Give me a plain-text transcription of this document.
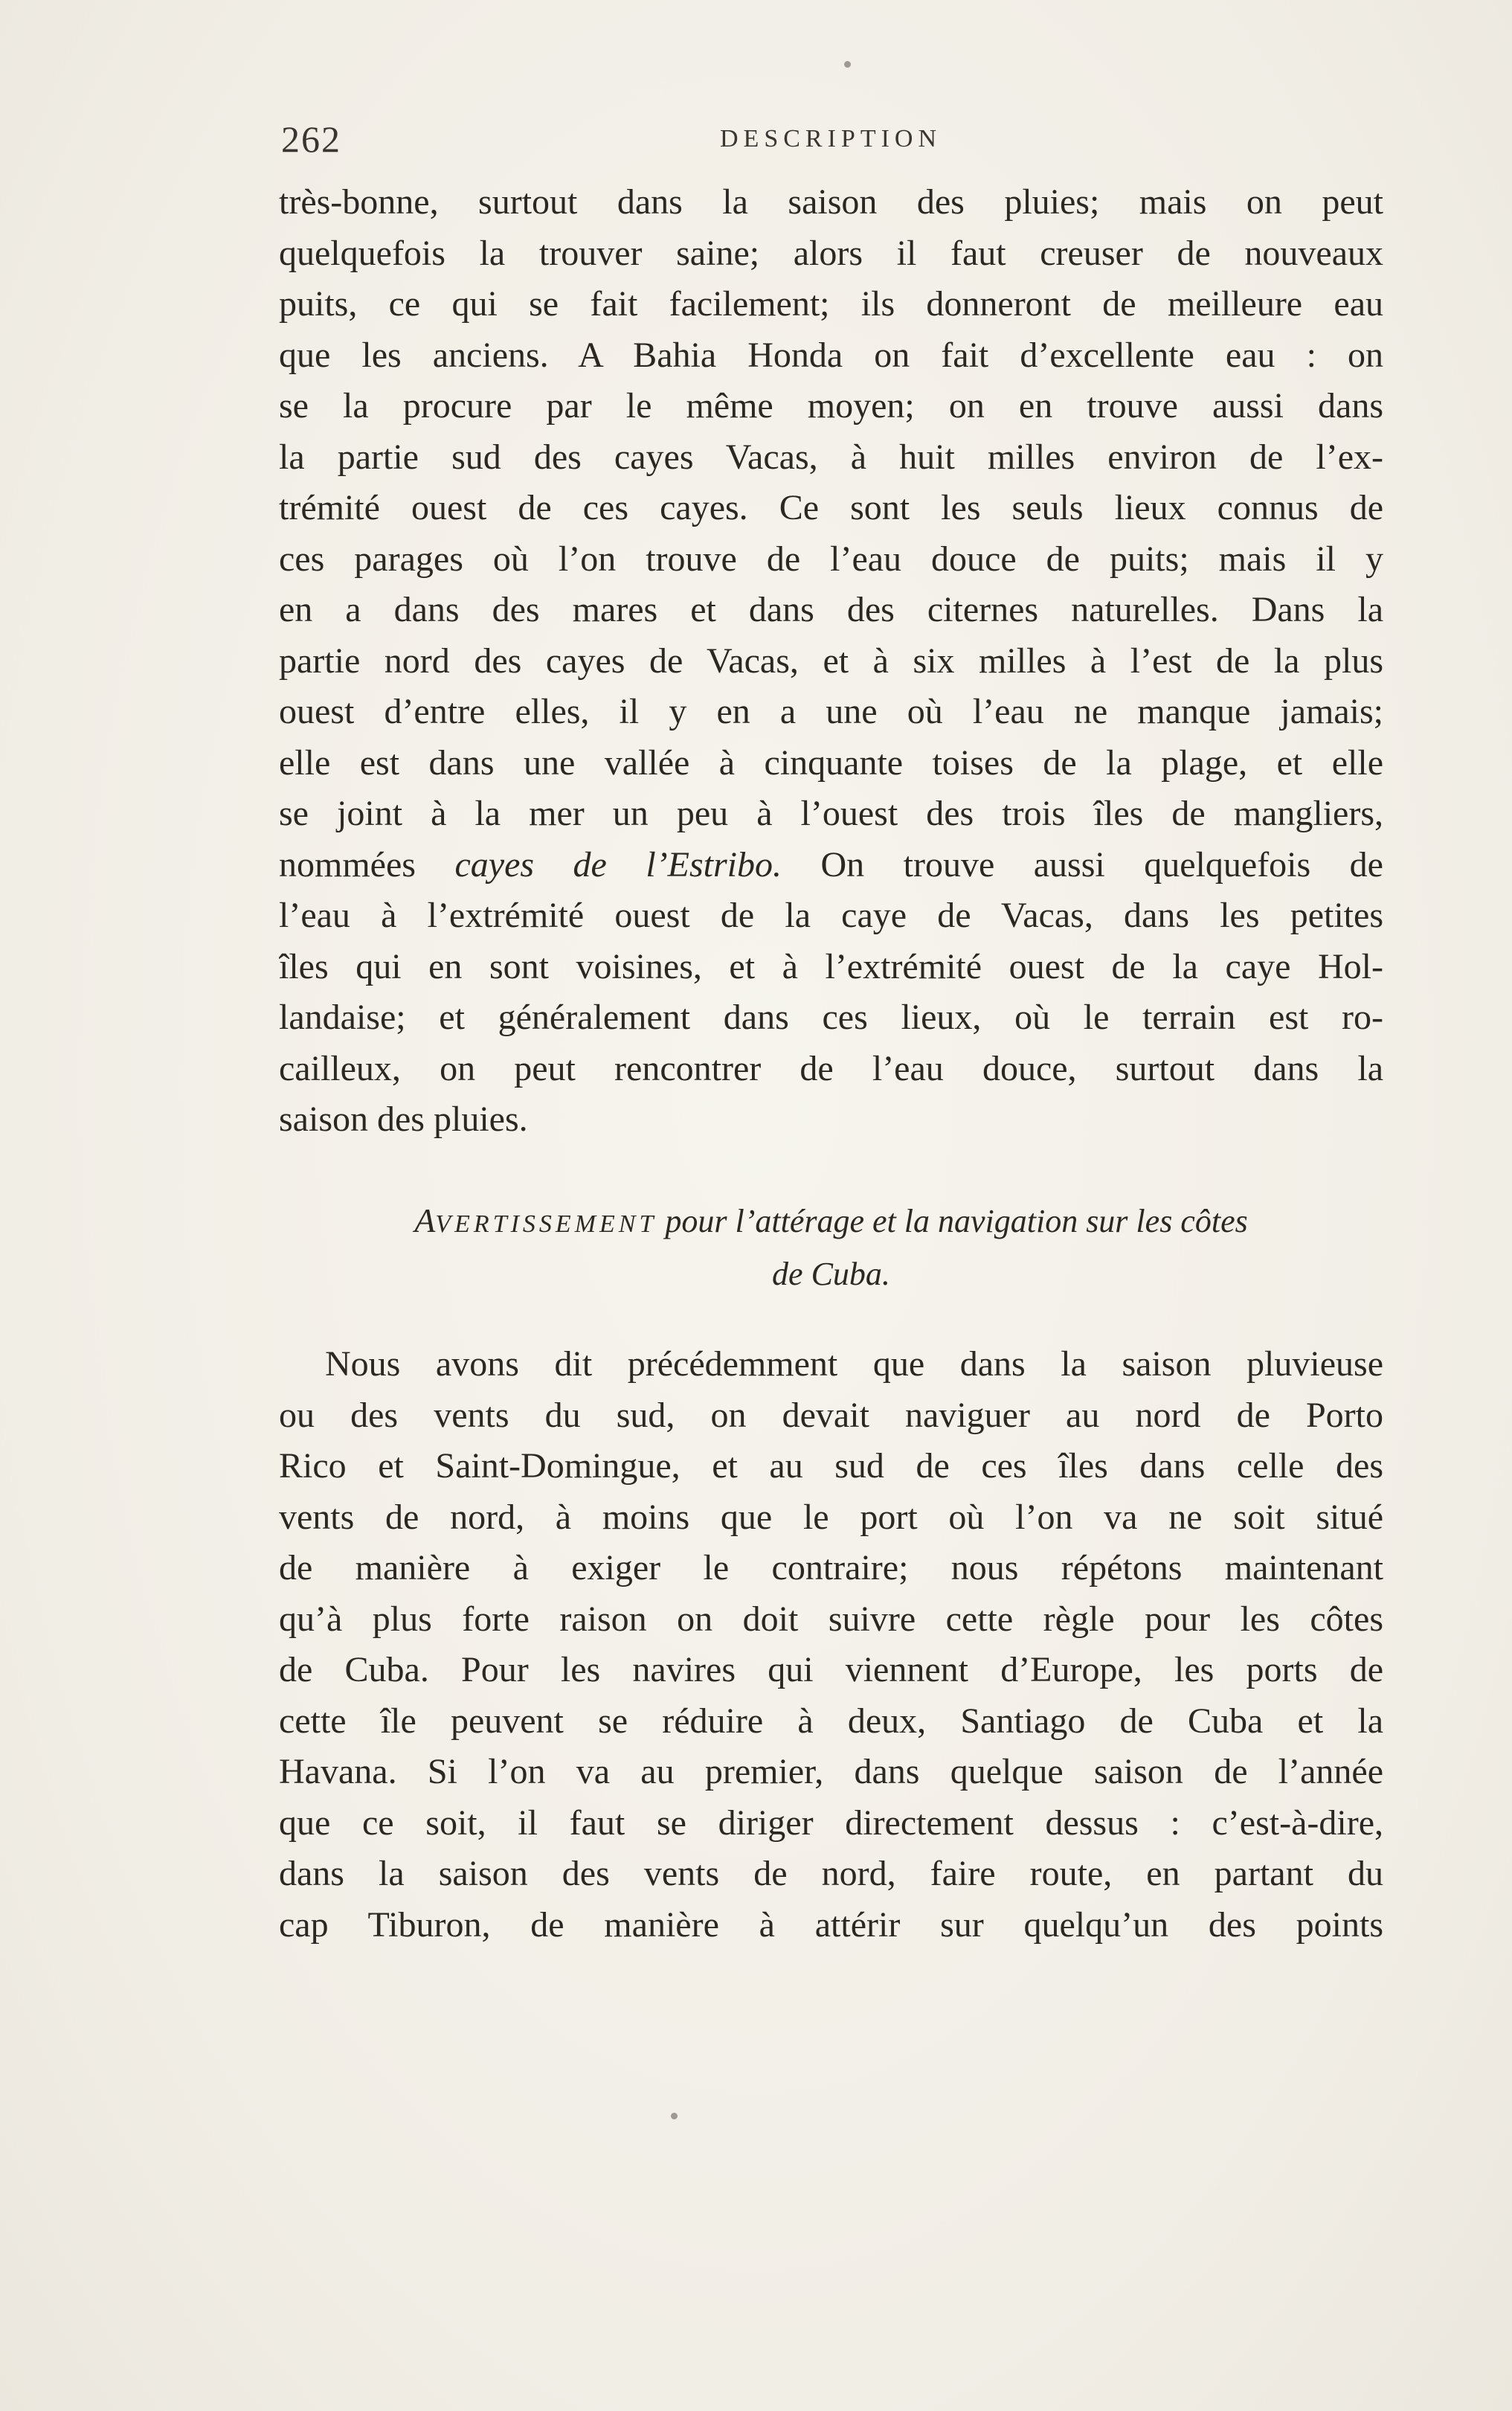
262	DESCRIPTION
très-bonne, surtout dans la saison des pluies; mais on peut
quelquefois la trouver saine; alors il faut creuser de nouveaux
puits, ce qui se fait facilement; ils donneront de meilleure eau
que les anciens. A Bahia Honda on fait d’excellente eau : on
se la procure par le même moyen; on en trouve aussi dans
la partie sud des cayes Vacas, à huit milles environ de l’ex-
trémité ouest de ces cayes. Ce sont les seuls lieux connus de
ces parages où l’on trouve de l’eau douce de puits; mais il y
en a dans des mares et dans des citernes naturelles. Dans la
partie nord des cayes de Vacas, et à six milles à l’est de la plus
ouest d’entre elles, il y en a une où l’eau ne manque jamais;
elle est dans une vallée à cinquante toises de la plage, et elle
se joint à la mer un peu à l’ouest des trois îles de mangliers,
nommées cayes de l’Estribo. On trouve aussi quelquefois de
l’eau à l’extrémité ouest de la caye de Vacas, dans les petites
îles qui en sont voisines, et à l’extrémité ouest de la caye Hol-
landaise; et généralement dans ces lieux, où le terrain est ro-
cailleux, on peut rencontrer de l’eau douce, surtout dans la
saison des pluies.
AVERTISSEMENT pour l’attérage et la navigation sur les côtes
de Cuba.
Nous avons dit précédemment que dans la saison pluvieuse
ou des vents du sud, on devait naviguer au nord de Porto
Rico et Saint-Domingue, et au sud de ces îles dans celle des
vents de nord, à moins que le port où l’on va ne soit situé
de manière à exiger le contraire; nous répétons maintenant
qu’à plus forte raison on doit suivre cette règle pour les côtes
de Cuba. Pour les navires qui viennent d’Europe, les ports de
cette île peuvent se réduire à deux, Santiago de Cuba et la
Havana. Si l’on va au premier, dans quelque saison de l’année
que ce soit, il faut se diriger directement dessus : c’est-à-dire,
dans la saison des vents de nord, faire route, en partant du
cap Tiburon, de manière à attérir sur quelqu’un des points
